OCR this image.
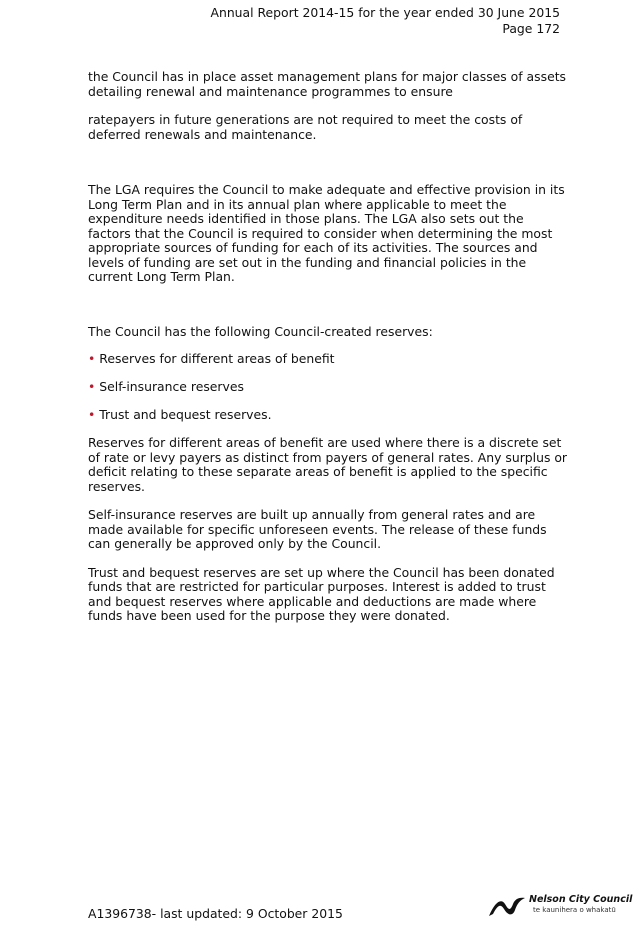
Annual Report 2014-15 for the year ended 30 June 2015
Page 172

the Council has in place asset management plans for major classes of assets detailing renewal and maintenance programmes to ensure

ratepayers in future generations are not required to meet the costs of deferred renewals and maintenance.

The LGA requires the Council to make adequate and effective provision in its Long Term Plan and in its annual plan where applicable to meet the expenditure needs identified in those plans. The LGA also sets out the factors that the Council is required to consider when determining the most appropriate sources of funding for each of its activities. The sources and levels of funding are set out in the funding and financial policies in the current Long Term Plan.

The Council has the following Council-created reserves:

• Reserves for different areas of benefit
• Self-insurance reserves
• Trust and bequest reserves.

Reserves for different areas of benefit are used where there is a discrete set of rate or levy payers as distinct from payers of general rates. Any surplus or deficit relating to these separate areas of benefit is applied to the specific reserves.

Self-insurance reserves are built up annually from general rates and are made available for specific unforeseen events. The release of these funds can generally be approved only by the Council.

Trust and bequest reserves are set up where the Council has been donated funds that are restricted for particular purposes. Interest is added to trust and bequest reserves where applicable and deductions are made where funds have been used for the purpose they were donated.

A1396738- last updated: 9 October 2015
Nelson City Council
te kaunihera o whakatū
